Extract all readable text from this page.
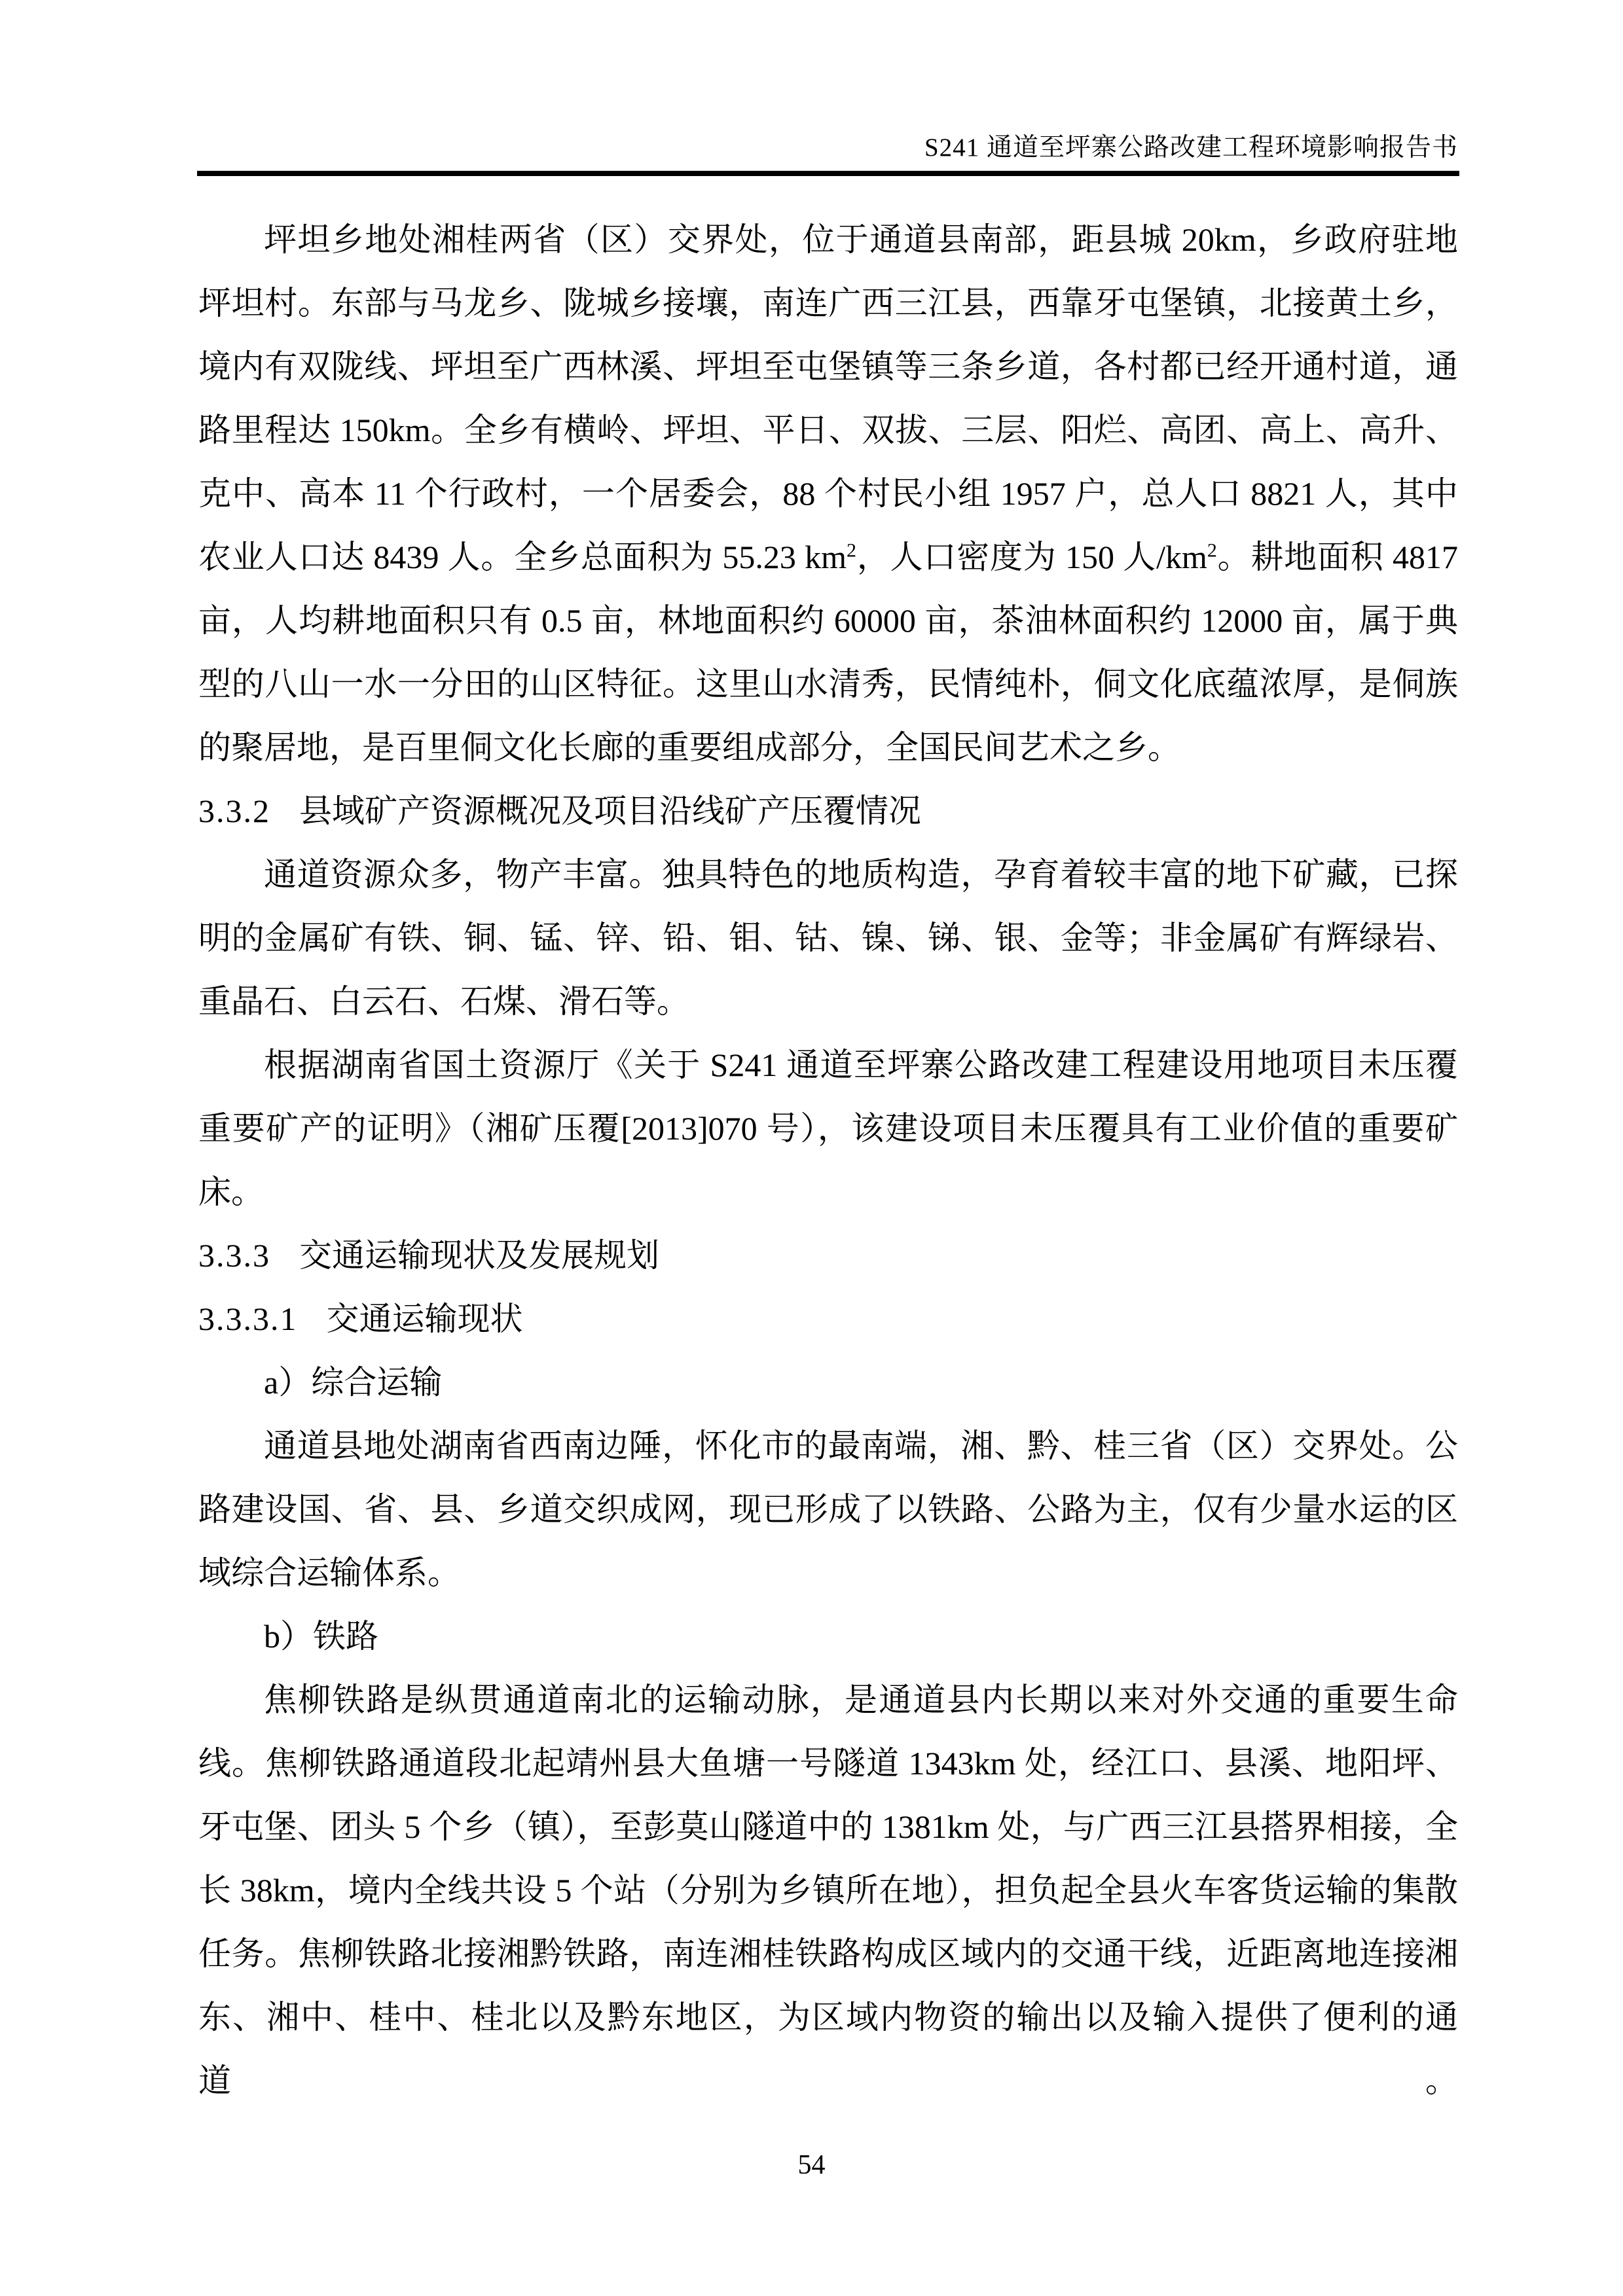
S241 通道至坪寨公路改建工程环境影响报告书
坪坦乡地处湘桂两省（区）交界处，位于通道县南部，距县城 20km，乡政府驻地
坪坦村。东部与马龙乡、陇城乡接壤，南连广西三江县，西靠牙屯堡镇，北接黄土乡，
境内有双陇线、坪坦至广西林溪、坪坦至屯堡镇等三条乡道，各村都已经开通村道，通
路里程达 150km。全乡有横岭、坪坦、平日、双拔、三层、阳烂、高团、高上、高升、
克中、高本 11 个行政村，一个居委会，88 个村民小组 1957 户，总人口 8821 人，其中
农业人口达 8439 人。全乡总面积为 55.23 $km^2$，人口密度为 150 人$/km^2$。耕地面积 4817
亩，人均耕地面积只有 0.5 亩，林地面积约 60000 亩，茶油林面积约 12000 亩，属于典
型的八山一水一分田的山区特征。这里山水清秀，民情纯朴，侗文化底蕴浓厚，是侗族
的聚居地，是百里侗文化长廊的重要组成部分，全国民间艺术之乡。
3.3.2 县域矿产资源概况及项目沿线矿产压覆情况
通道资源众多，物产丰富。独具特色的地质构造，孕育着较丰富的地下矿藏，已探
明的金属矿有铁、铜、锰、锌、铅、钼、钴、镍、锑、银、金等；非金属矿有辉绿岩、
重晶石、白云石、石煤、滑石等。
根据湖南省国土资源厅《关于 S241 通道至坪寨公路改建工程建设用地项目未压覆
重要矿产的证明》（湘矿压覆[2013]070 号），该建设项目未压覆具有工业价值的重要矿
床。
3.3.3 交通运输现状及发展规划
3.3.3.1 交通运输现状
a）综合运输
通道县地处湖南省西南边陲，怀化市的最南端，湘、黔、桂三省（区）交界处。公
路建设国、省、县、乡道交织成网，现已形成了以铁路、公路为主，仅有少量水运的区
域综合运输体系。
b）铁路
焦柳铁路是纵贯通道南北的运输动脉，是通道县内长期以来对外交通的重要生命
线。焦柳铁路通道段北起靖州县大鱼塘一号隧道 1343km 处，经江口、县溪、地阳坪、
牙屯堡、团头 5 个乡（镇），至彭莫山隧道中的 1381km 处，与广西三江县搭界相接，全
长 38km，境内全线共设 5 个站（分别为乡镇所在地），担负起全县火车客货运输的集散
任务。焦柳铁路北接湘黔铁路，南连湘桂铁路构成区域内的交通干线，近距离地连接湘
东、湘中、桂中、桂北以及黔东地区，为区域内物资的输出以及输入提供了便利的通道。
54
